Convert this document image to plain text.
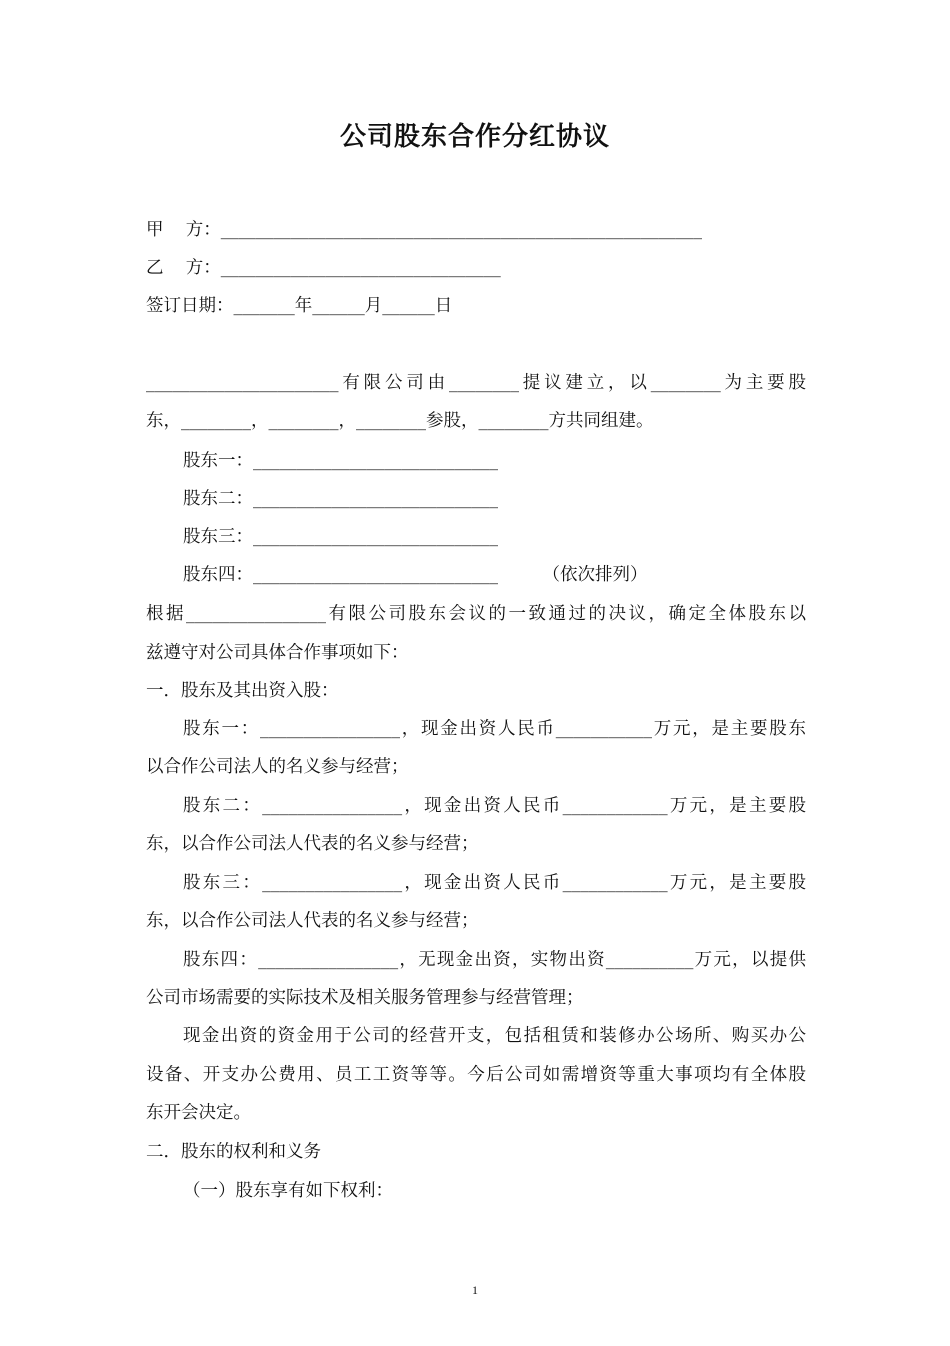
公司股东合作分红协议
甲    方：_______________________________________________________
乙    方：________________________________
签订日期：_______年______月______日
______________________有限公司由________提议建立，以________为主要股
东，________，________，________参股，________方共同组建。
股东一：____________________________
股东二：____________________________
股东三：____________________________
股东四：____________________________        （依次排列）
根据________________有限公司股东会议的一致通过的决议，确定全体股东以
兹遵守对公司具体合作事项如下：
一．股东及其出资入股：
股东一：________________，现金出资人民币___________万元，是主要股东
以合作公司法人的名义参与经营；
股东二：________________，现金出资人民币____________万元，是主要股
东，以合作公司法人代表的名义参与经营；
股东三：________________，现金出资人民币____________万元，是主要股
东，以合作公司法人代表的名义参与经营；
股东四：________________，无现金出资，实物出资__________万元，以提供
公司市场需要的实际技术及相关服务管理参与经营管理；
现金出资的资金用于公司的经营开支，包括租赁和装修办公场所、购买办公
设备、开支办公费用、员工工资等等。今后公司如需增资等重大事项均有全体股
东开会决定。
二．股东的权利和义务
（一）股东享有如下权利：
1
